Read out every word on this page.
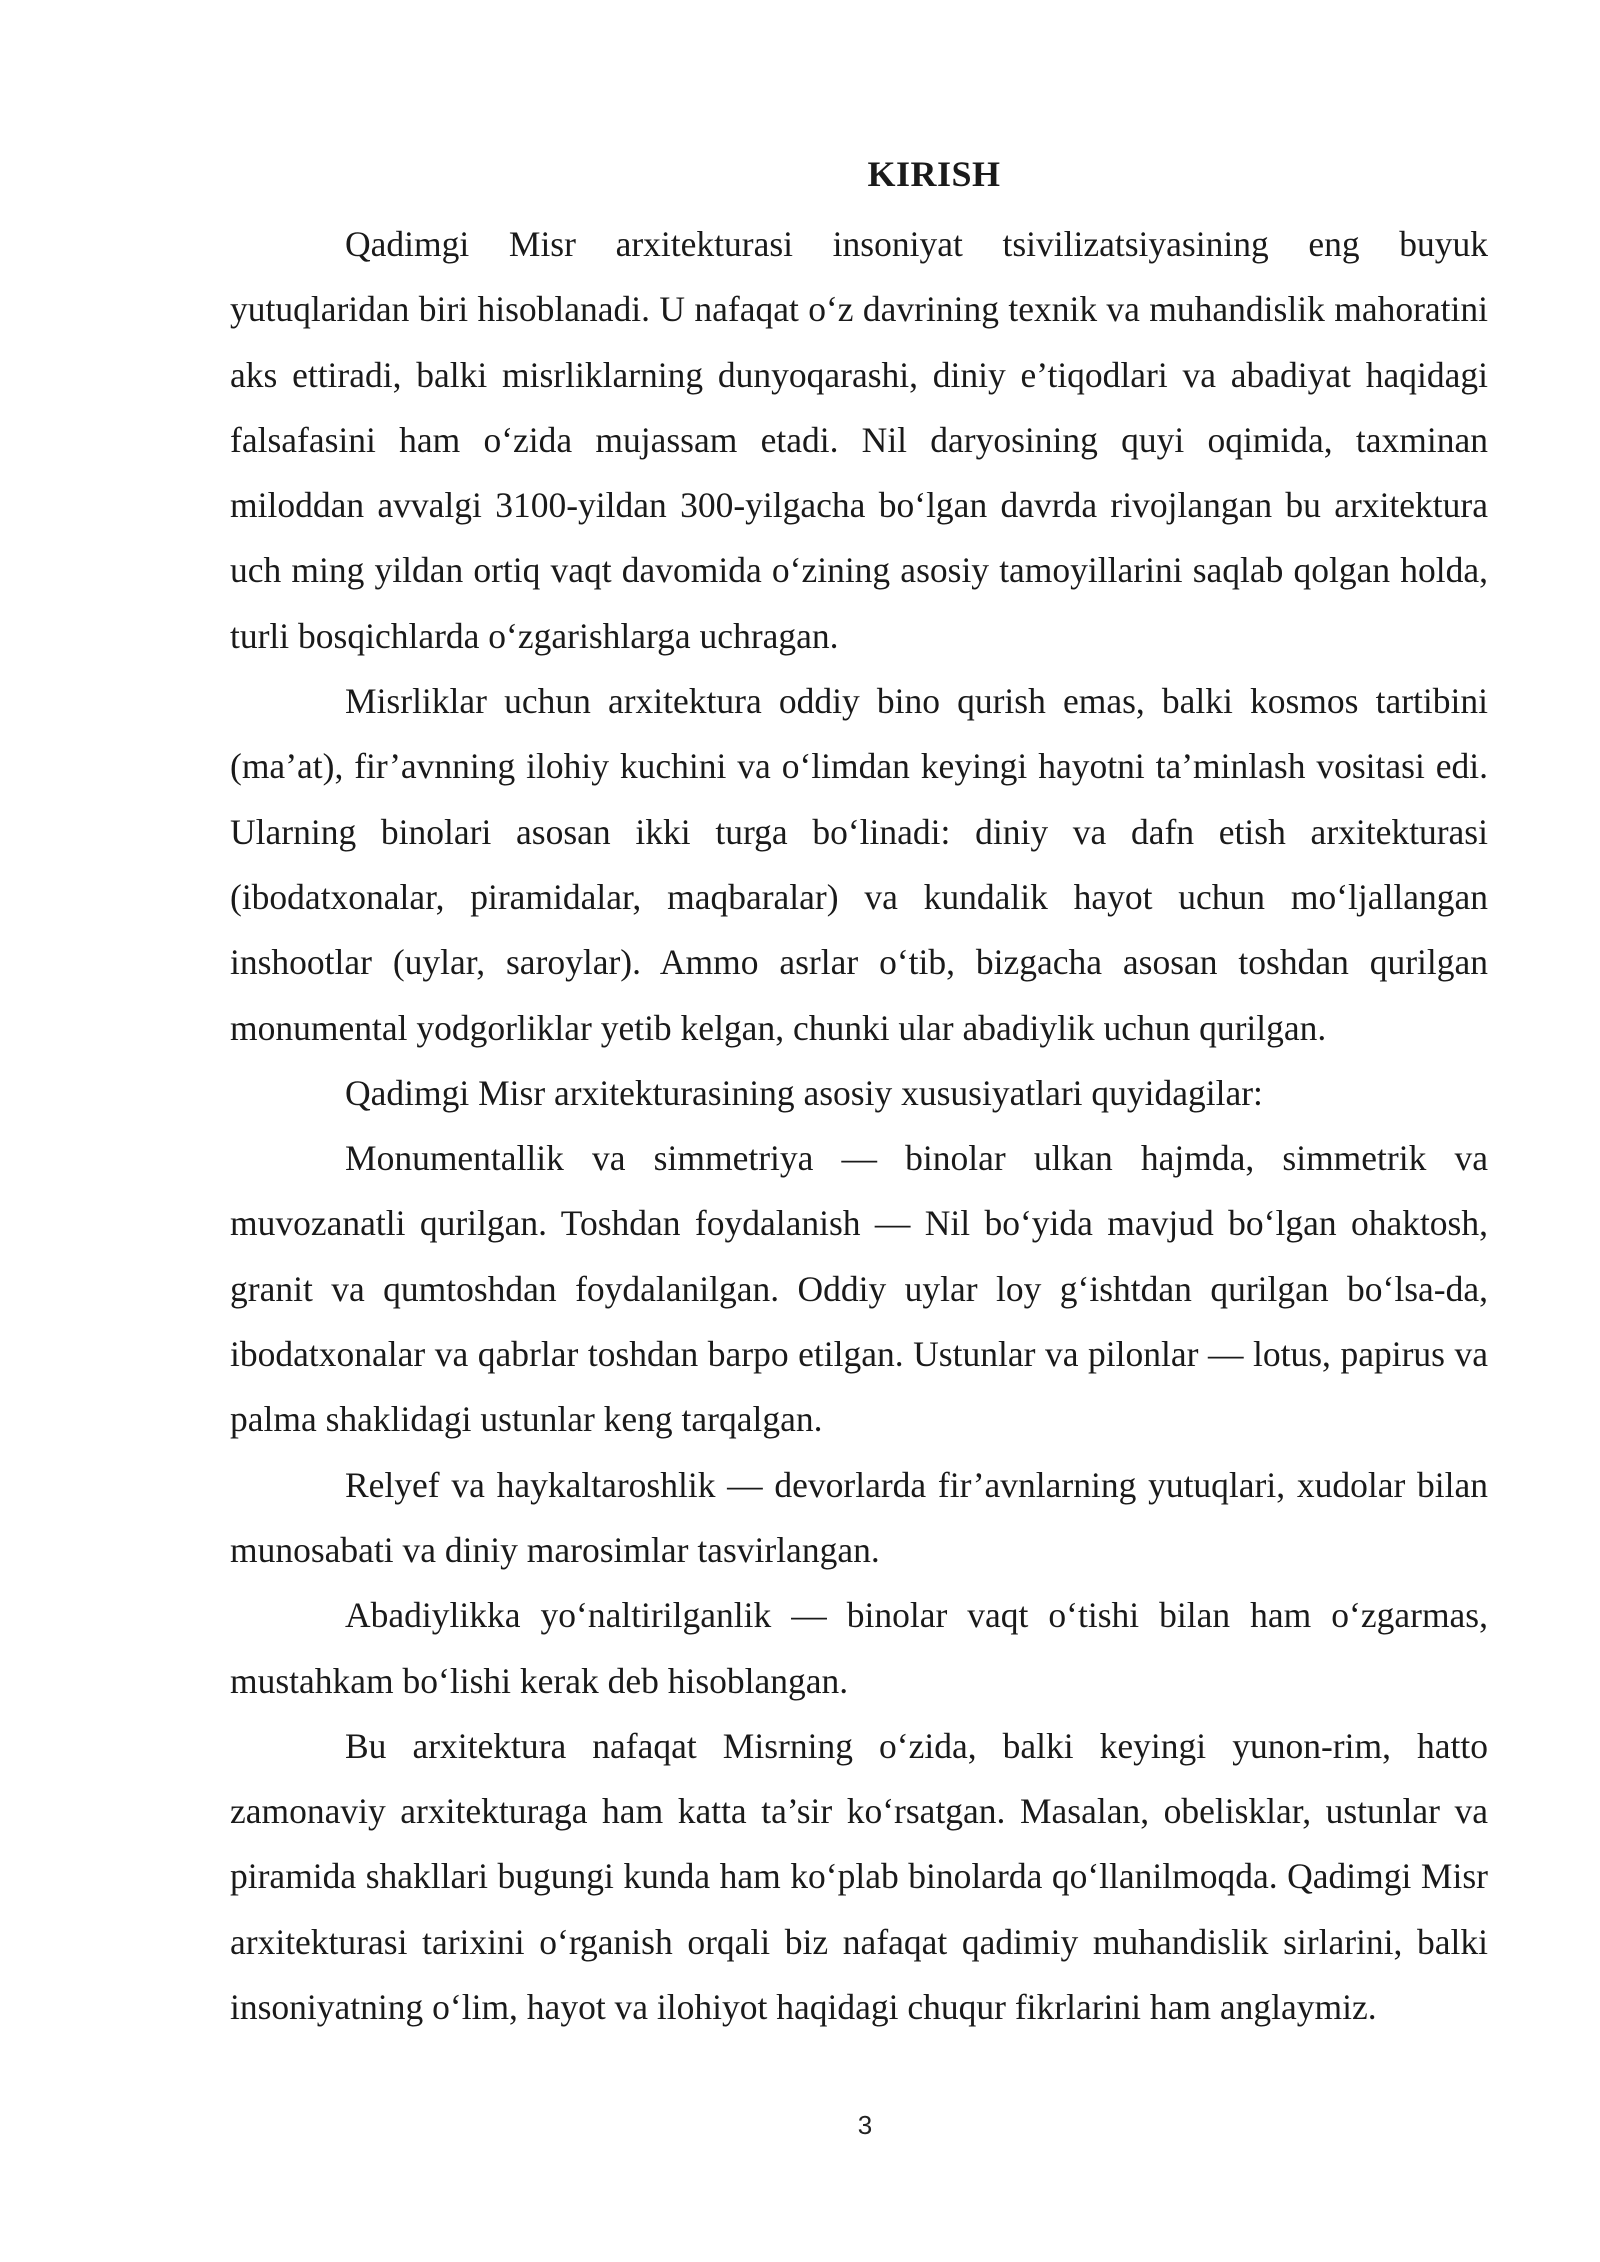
KIRISH

Qadimgi Misr arxitekturasi insoniyat tsivilizatsiyasining eng buyuk yutuqlaridan biri hisoblanadi. U nafaqat o‘z davrining texnik va muhandislik mahoratini aks ettiradi, balki misrliklarning dunyoqarashi, diniy e’tiqodlari va abadiyat haqidagi falsafasini ham o‘zida mujassam etadi. Nil daryosining quyi oqimida, taxminan miloddan avvalgi 3100-yildan 300-yilgacha bo‘lgan davrda rivojlangan bu arxitektura uch ming yildan ortiq vaqt davomida o‘zining asosiy tamoyillarini saqlab qolgan holda, turli bosqichlarda o‘zgarishlarga uchragan.

Misrliklar uchun arxitektura oddiy bino qurish emas, balki kosmos tartibini (ma’at), fir’avnning ilohiy kuchini va o‘limdan keyingi hayotni ta’minlash vositasi edi. Ularning binolari asosan ikki turga bo‘linadi: diniy va dafn etish arxitekturasi (ibodatxonalar, piramidalar, maqbaralar) va kundalik hayot uchun mo‘ljallangan inshootlar (uylar, saroylar). Ammo asrlar o‘tib, bizgacha asosan toshdan qurilgan monumental yodgorliklar yetib kelgan, chunki ular abadiylik uchun qurilgan.

Qadimgi Misr arxitekturasining asosiy xususiyatlari quyidagilar:

Monumentallik va simmetriya — binolar ulkan hajmda, simmetrik va muvozanatli qurilgan. Toshdan foydalanish — Nil bo‘yida mavjud bo‘lgan ohaktosh, granit va qumtoshdan foydalanilgan. Oddiy uylar loy g‘ishtdan qurilgan bo‘lsa-da, ibodatxonalar va qabrlar toshdan barpo etilgan. Ustunlar va pilonlar — lotus, papirus va palma shaklidagi ustunlar keng tarqalgan.

Relyef va haykaltaroshlik — devorlarda fir’avnlarning yutuqlari, xudolar bilan munosabati va diniy marosimlar tasvirlangan.

Abadiylikka yo‘naltirilganlik — binolar vaqt o‘tishi bilan ham o‘zgarmas, mustahkam bo‘lishi kerak deb hisoblangan.

Bu arxitektura nafaqat Misrning o‘zida, balki keyingi yunon-rim, hatto zamonaviy arxitekturaga ham katta ta’sir ko‘rsatgan. Masalan, obelisklar, ustunlar va piramida shakllari bugungi kunda ham ko‘plab binolarda qo‘llanilmoqda. Qadimgi Misr arxitekturasi tarixini o‘rganish orqali biz nafaqat qadimiy muhandislik sirlarini, balki insoniyatning o‘lim, hayot va ilohiyot haqidagi chuqur fikrlarini ham anglaymiz.

3
